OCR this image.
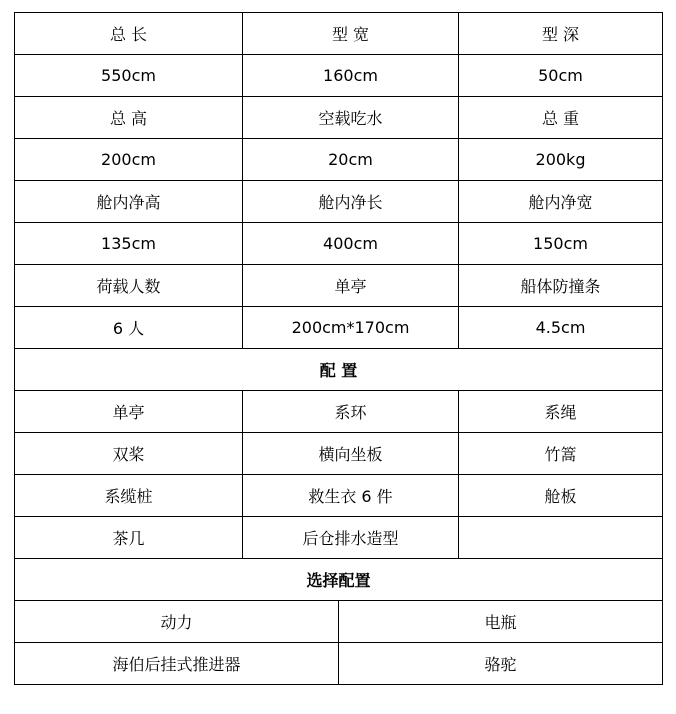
总 长	型 宽		型 深
550cm	160cm		50cm
总 高	空载吃水		总 重
200cm	20cm		200kg
舱内净高	舱内净长		舱内净宽
135cm	400cm		150cm
荷载人数	单亭		船体防撞条
6 人	200cm*170cm		4.5cm
配 置			
单亭	系环		系绳
双桨	横向坐板		竹篙
系缆桩	救生衣 6 件		舱板
茶几	后仓排水造型		
选择配置			
动力		电瓶	
海伯后挂式推进器		骆驼	
